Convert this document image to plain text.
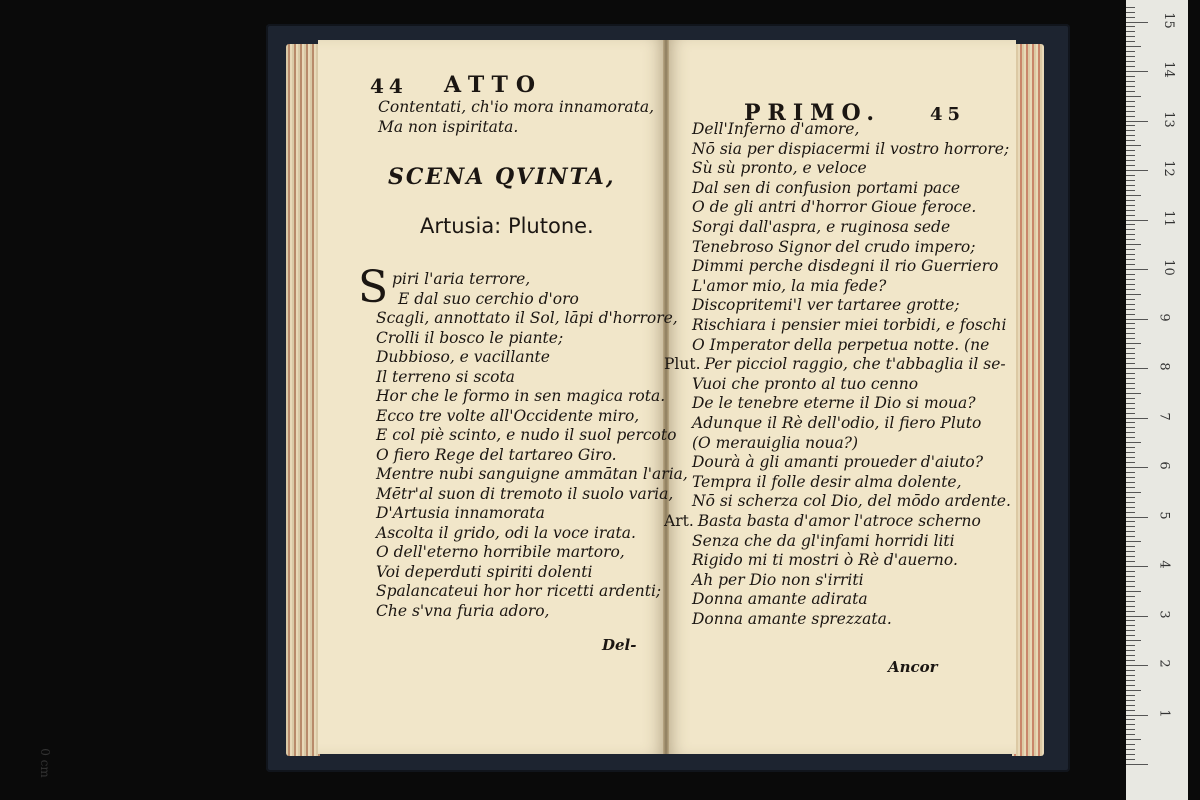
44 ATTO
Contentati, ch'io mora innamorata,
Ma non ispiritata.
SCENA QVINTA,
Artusia: Plutone.
S piri l'aria terrore,
E dal suo cerchio d'oro
Scagli, annottato il Sol, lāpi d'horrore,
Crolli il bosco le piante;
Dubbioso, e vacillante
Il terreno si scota
Hor che le formo in sen magica rota.
Ecco tre volte all'Occidente miro,
E col piè scinto, e nudo il suol percoto
O fiero Rege del tartareo Giro.
Mentre nubi sanguigne ammātan l'aria,
Mētr'al suon di tremoto il suolo varia,
D'Artusia innamorata
Ascolta il grido, odi la voce irata.
O dell'eterno horribile martoro,
Voi deperduti spiriti dolenti
Spalancateui hor hor ricetti ardenti;
Che s'vna furia adoro,
Del-
PRIMO.	45
Dell'Inferno d'amore,
Nō sia per dispiacermi il vostro horrore;
Sù sù pronto, e veloce
Dal sen di confusion portami pace
O de gli antri d'horror Gioue feroce.
Sorgi dall'aspra, e ruginosa sede
Tenebroso Signor del crudo impero;
Dimmi perche disdegni il rio Guerriero
L'amor mio, la mia fede?
Discopritemi'l ver tartaree grotte;
Rischiara i pensier miei torbidi, e foschi
O Imperator della perpetua notte. (ne
Plut. Per picciol raggio, che t'abbaglia il se-
Vuoi che pronto al tuo cenno
De le tenebre eterne il Dio si moua?
Adunque il Rè dell'odio, il fiero Pluto
(O merauiglia noua?)
Dourà à gli amanti proueder d'aiuto?
Tempra il folle desir alma dolente,
Nō si scherza col Dio, del mōdo ardente.
Art. Basta basta d'amor l'atroce scherno
Senza che da gl'infami horridi liti
Rigido mi ti mostri ò Rè d'auerno.
Ah per Dio non s'irriti
Donna amante adirata
Donna amante sprezzata.
Ancor
1
2
3
4
5
6
7
8
9
10
11
12
13
14
15
0 cm
